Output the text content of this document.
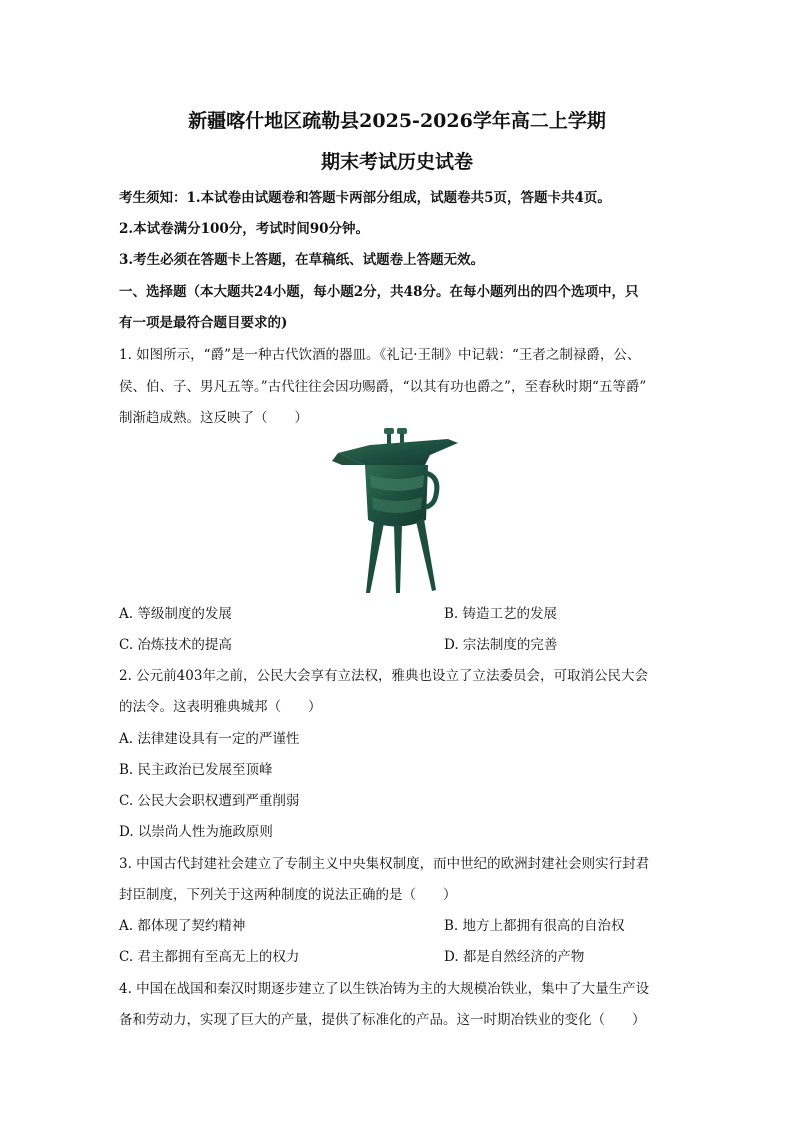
新疆喀什地区疏勒县2025-2026学年高二上学期
期末考试历史试卷
考生须知：1.本试卷由试题卷和答题卡两部分组成，试题卷共5页，答题卡共4页。
2.本试卷满分100分，考试时间90分钟。
3.考生必须在答题卡上答题，在草稿纸、试题卷上答题无效。
一、选择题（本大题共24小题，每小题2分，共48分。在每小题列出的四个选项中，只
有一项是最符合题目要求的)
1. 如图所示，“爵”是一种古代饮酒的器皿。《礼记·王制》中记载：“王者之制禄爵，公、
侯、伯、子、男凡五等。”古代往往会因功赐爵，“以其有功也爵之”，至春秋时期“五等爵”
制渐趋成熟。这反映了（　　）
A. 等级制度的发展	B. 铸造工艺的发展
C. 冶炼技术的提高	D. 宗法制度的完善
2. 公元前403年之前，公民大会享有立法权，雅典也设立了立法委员会，可取消公民大会
的法令。这表明雅典城邦（　　）
A. 法律建设具有一定的严谨性
B. 民主政治已发展至顶峰
C. 公民大会职权遭到严重削弱
D. 以崇尚人性为施政原则
3. 中国古代封建社会建立了专制主义中央集权制度，而中世纪的欧洲封建社会则实行封君
封臣制度，下列关于这两种制度的说法正确的是（　　）
A. 都体现了契约精神	B. 地方上都拥有很高的自治权
C. 君主都拥有至高无上的权力	D. 都是自然经济的产物
4. 中国在战国和秦汉时期逐步建立了以生铁冶铸为主的大规模冶铁业，集中了大量生产设
备和劳动力，实现了巨大的产量，提供了标准化的产品。这一时期冶铁业的变化（　　）
